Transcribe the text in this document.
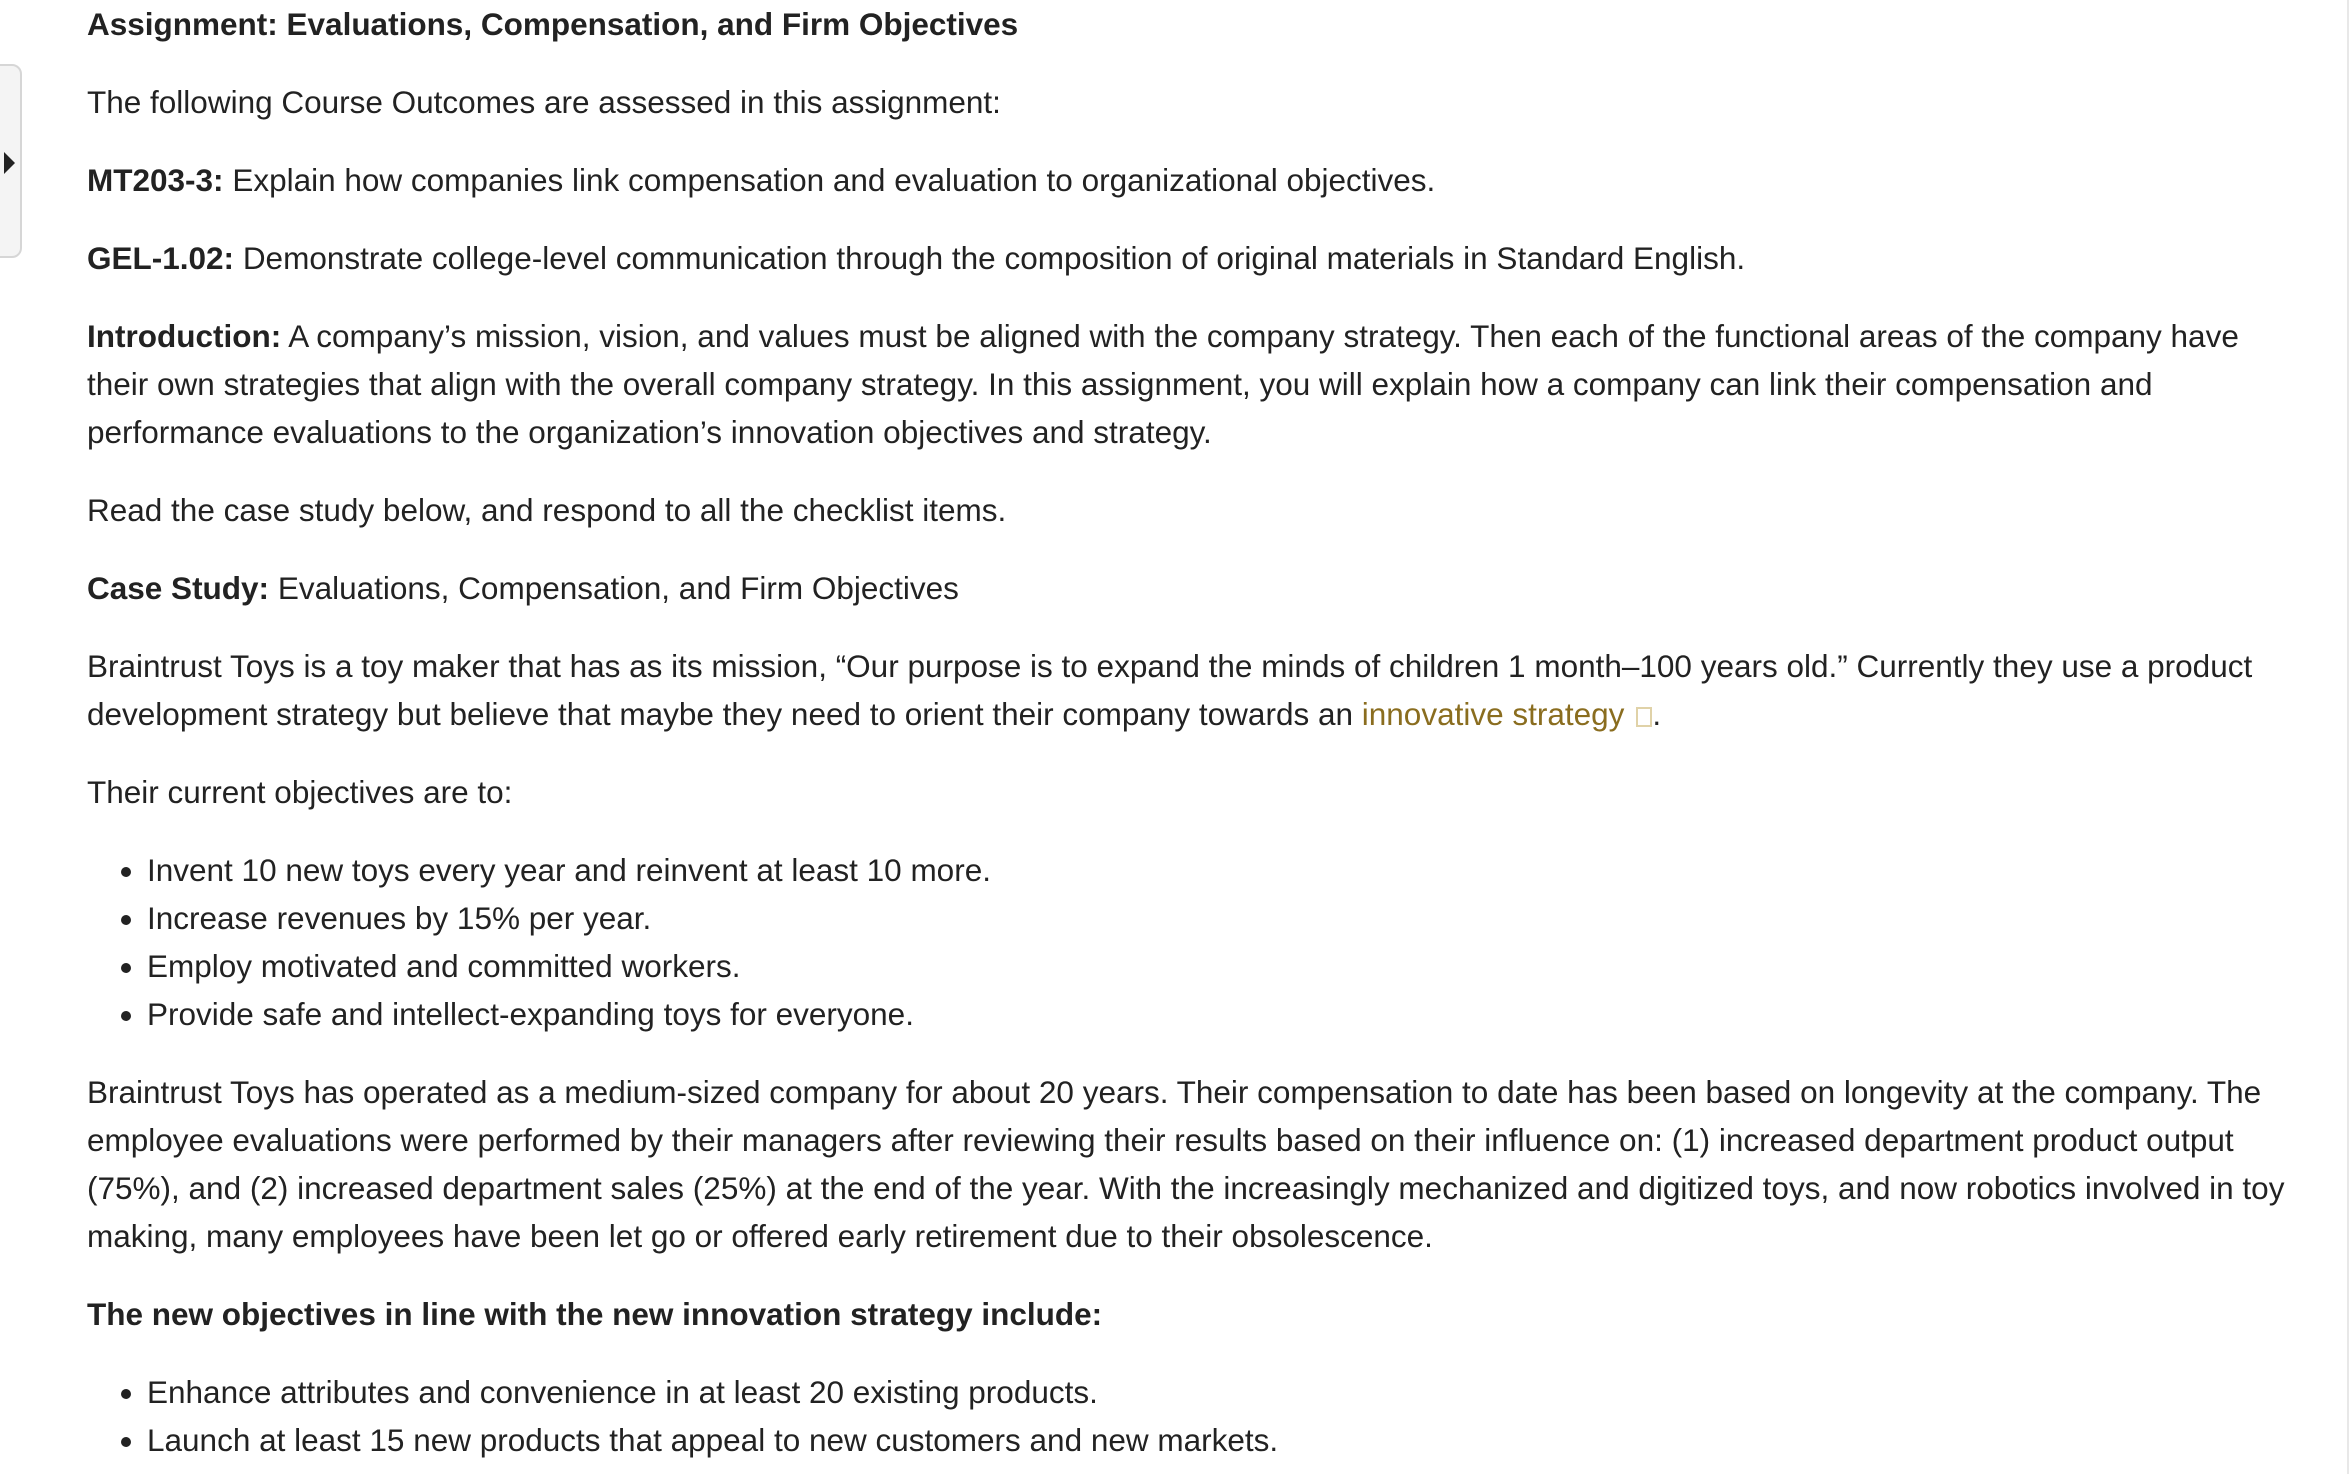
Assignment: Evaluations, Compensation, and Firm Objectives

The following Course Outcomes are assessed in this assignment:

MT203-3: Explain how companies link compensation and evaluation to organizational objectives.

GEL-1.02: Demonstrate college-level communication through the composition of original materials in Standard English.

Introduction: A company’s mission, vision, and values must be aligned with the company strategy. Then each of the functional areas of the company have their own strategies that align with the overall company strategy. In this assignment, you will explain how a company can link their compensation and performance evaluations to the organization’s innovation objectives and strategy.

Read the case study below, and respond to all the checklist items.

Case Study: Evaluations, Compensation, and Firm Objectives

Braintrust Toys is a toy maker that has as its mission, “Our purpose is to expand the minds of children 1 month–100 years old.” Currently they use a product development strategy but believe that maybe they need to orient their company towards an innovative strategy .

Their current objectives are to:

• Invent 10 new toys every year and reinvent at least 10 more.
• Increase revenues by 15% per year.
• Employ motivated and committed workers.
• Provide safe and intellect-expanding toys for everyone.

Braintrust Toys has operated as a medium-sized company for about 20 years. Their compensation to date has been based on longevity at the company. The employee evaluations were performed by their managers after reviewing their results based on their influence on: (1) increased department product output (75%), and (2) increased department sales (25%) at the end of the year. With the increasingly mechanized and digitized toys, and now robotics involved in toy making, many employees have been let go or offered early retirement due to their obsolescence.

The new objectives in line with the new innovation strategy include:

• Enhance attributes and convenience in at least 20 existing products.
• Launch at least 15 new products that appeal to new customers and new markets.
